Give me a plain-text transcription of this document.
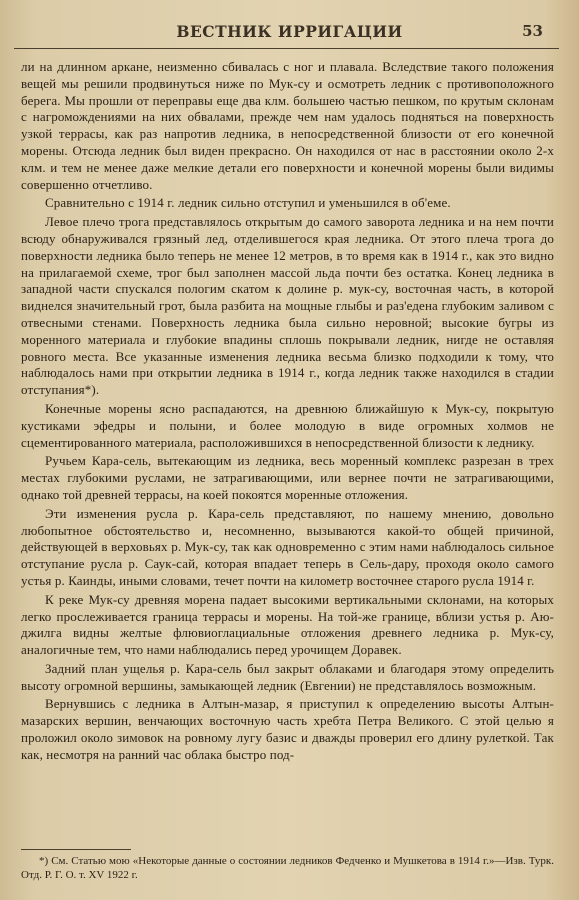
ВЕСТНИК ИРРИГАЦИИ	53

ли на длинном аркане, неизменно сбивалась с ног и плавала. Вследствие такого положения вещей мы решили продвинуться ниже по Мук-су и осмотреть ледник с противоположного берега. Мы прошли от переправы еще два клм. большею частью пешком, по крутым склонам с нагромождениями на них обвалами, прежде чем нам удалось подняться на поверхность узкой террасы, как раз напротив ледника, в непосредственной близости от его конечной морены. Отсюда ледник был виден прекрасно. Он находился от нас в расстоянии около 2-х клм. и тем не менее даже мелкие детали его поверхности и конечной морены были видимы совершенно отчетливо.

Сравнительно с 1914 г. ледник сильно отступил и уменьшился в об'еме.

Левое плечо трога представлялось открытым до самого заворота ледника и на нем почти всюду обнаруживался грязный лед, отделившегося края ледника. От этого плеча трога до поверхности ледника было теперь не менее 12 метров, в то время как в 1914 г., как это видно на прилагаемой схеме, трог был заполнен массой льда почти без остатка. Конец ледника в западной части спускался пологим скатом к долине р. мук-су, восточная часть, в которой виднелся значительный грот, была разбита на мощные глыбы и раз'едена глубоким заливом с отвесными стенами. Поверхность ледника была сильно неровной; высокие бугры из моренного материала и глубокие впадины сплошь покрывали ледник, нигде не оставляя ровного места. Все указанные изменения ледника весьма близко подходили к тому, что наблюдалось нами при открытии ледника в 1914 г., когда ледник также находился в стадии отступания*).

Конечные морены ясно распадаются, на древнюю ближайшую к Мук-су, покрытую кустиками эфедры и полыни, и более молодую в виде огромных холмов не сцементированного материала, расположившихся в непосредственной близости к леднику.

Ручьем Кара-сель, вытекающим из ледника, весь моренный комплекс разрезан в трех местах глубокими руслами, не затрагивающими, или вернее почти не затрагивающими, однако той древней террасы, на коей покоятся моренные отложения.

Эти изменения русла р. Кара-сель представляют, по нашему мнению, довольно любопытное обстоятельство и, несомненно, вызываются какой-то общей причиной, действующей в верховьях р. Мук-су, так как одновременно с этим нами наблюдалось сильное отступание русла р. Саук-сай, которая впадает теперь в Сель-дару, проходя около самого устья р. Каинды, иными словами, течет почти на километр восточнее старого русла 1914 г.

К реке Мук-су древняя морена падает высокими вертикальными склонами, на которых легко прослеживается граница террасы и морены. На той-же границе, вблизи устья р. Аю-джилга видны желтые флювиоглациальные отложения древнего ледника р. Мук-су, аналогичные тем, что нами наблюдались перед урочищем Доравек.

Задний план ущелья р. Кара-сель был закрыт облаками и благодаря этому определить высоту огромной вершины, замыкающей ледник (Евгении) не представлялось возможным.

Вернувшись с ледника в Алтын-мазар, я приступил к определению высоты Алтын-мазарских вершин, венчающих восточную часть хребта Петра Великого. С этой целью я проложил около зимовок на ровному лугу базис и дважды проверил его длину рулеткой. Так как, несмотря на ранний час облака быстро под-

*) См. Статью мою «Некоторые данные о состоянии ледников Федченко и Мушкетова в 1914 г.»—Изв. Турк. Отд. Р. Г. О. т. XV 1922 г.
